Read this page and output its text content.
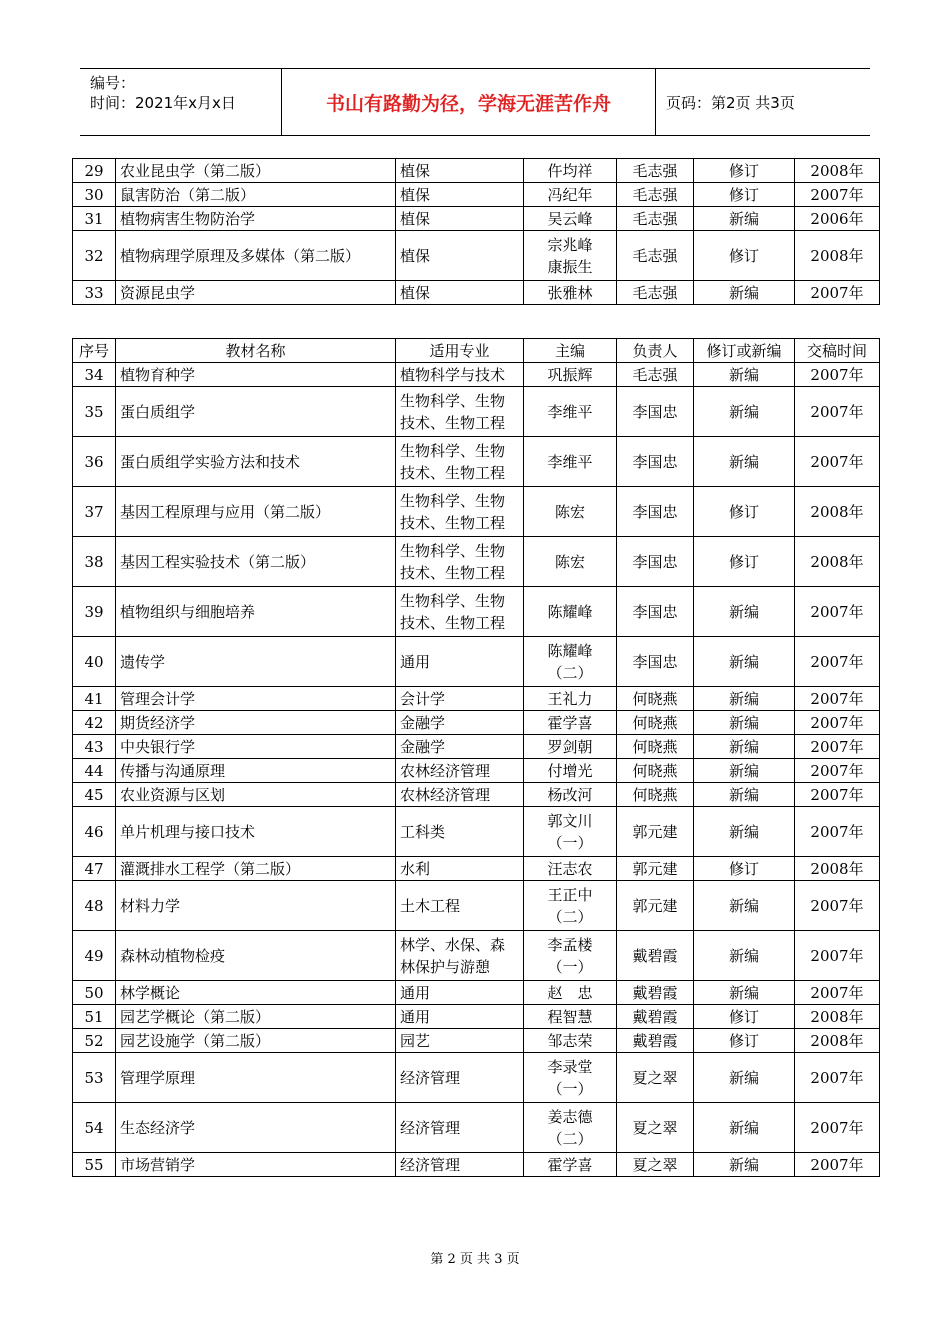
编号：
时间：2021年x月x日	书山有路勤为径，学海无涯苦作舟	页码：第2页 共3页
29	农业昆虫学（第二版）	植保	仵均祥	毛志强	修订	2008年
30	鼠害防治（第二版）	植保	冯纪年	毛志强	修订	2007年
31	植物病害生物防治学	植保	吴云峰	毛志强	新编	2006年
32	植物病理学原理及多媒体（第二版）	植保	宗兆峰
康振生	毛志强	修订	2008年
33	资源昆虫学	植保	张雅林	毛志强	新编	2007年
序号	教材名称	适用专业	主编	负责人	修订或新编	交稿时间
34	植物育种学	植物科学与技术	巩振辉	毛志强	新编	2007年
35	蛋白质组学	生物科学、生物
技术、生物工程	李维平	李国忠	新编	2007年
36	蛋白质组学实验方法和技术	生物科学、生物
技术、生物工程	李维平	李国忠	新编	2007年
37	基因工程原理与应用（第二版）	生物科学、生物
技术、生物工程	陈宏	李国忠	修订	2008年
38	基因工程实验技术（第二版）	生物科学、生物
技术、生物工程	陈宏	李国忠	修订	2008年
39	植物组织与细胞培养	生物科学、生物
技术、生物工程	陈耀峰	李国忠	新编	2007年
40	遗传学	通用	陈耀峰
（二）	李国忠	新编	2007年
41	管理会计学	会计学	王礼力	何晓燕	新编	2007年
42	期货经济学	金融学	霍学喜	何晓燕	新编	2007年
43	中央银行学	金融学	罗剑朝	何晓燕	新编	2007年
44	传播与沟通原理	农林经济管理	付增光	何晓燕	新编	2007年
45	农业资源与区划	农林经济管理	杨改河	何晓燕	新编	2007年
46	单片机理与接口技术	工科类	郭文川
（一）	郭元建	新编	2007年
47	灌溉排水工程学（第二版）	水利	汪志农	郭元建	修订	2008年
48	材料力学	土木工程	王正中
（二）	郭元建	新编	2007年
49	森林动植物检疫	林学、水保、森
林保护与游憩	李孟楼
（一）	戴碧霞	新编	2007年
50	林学概论	通用	赵　忠	戴碧霞	新编	2007年
51	园艺学概论（第二版）	通用	程智慧	戴碧霞	修订	2008年
52	园艺设施学（第二版）	园艺	邹志荣	戴碧霞	修订	2008年
53	管理学原理	经济管理	李录堂
（一）	夏之翠	新编	2007年
54	生态经济学	经济管理	姜志德
（二）	夏之翠	新编	2007年
55	市场营销学	经济管理	霍学喜	夏之翠	新编	2007年
第 2 页 共 3 页
